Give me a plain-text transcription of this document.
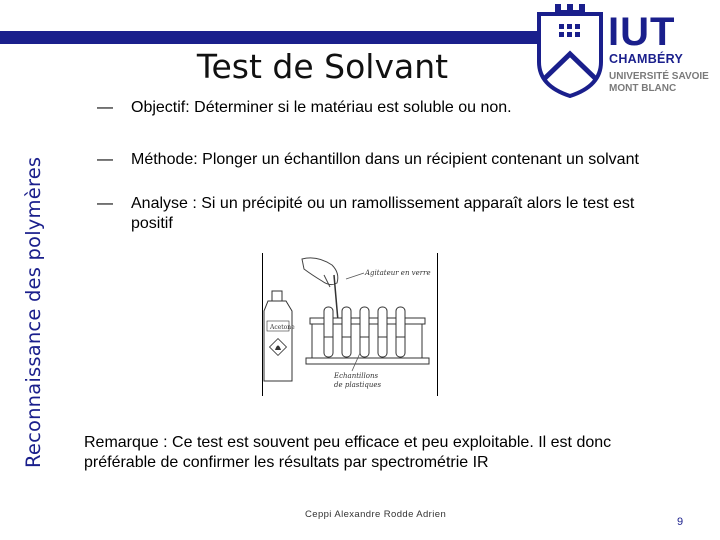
Reconnaissance des polymères
Test de Solvant
IUT
CHAMBÉRY
UNIVERSITÉ SAVOIE
MONT BLANC
— Objectif: Déterminer si le matériau est soluble ou non.
— Méthode: Plonger un échantillon dans un récipient contenant un solvant
— Analyse : Si un précipité ou un ramollissement apparaît alors le test est positif
Agitateur en verre
Acetone
Echantillons
de plastiques
Remarque : Ce test est souvent peu efficace et peu exploitable. Il est donc préférable de confirmer les résultats par spectrométrie IR
Ceppi Alexandre Rodde Adrien
9
